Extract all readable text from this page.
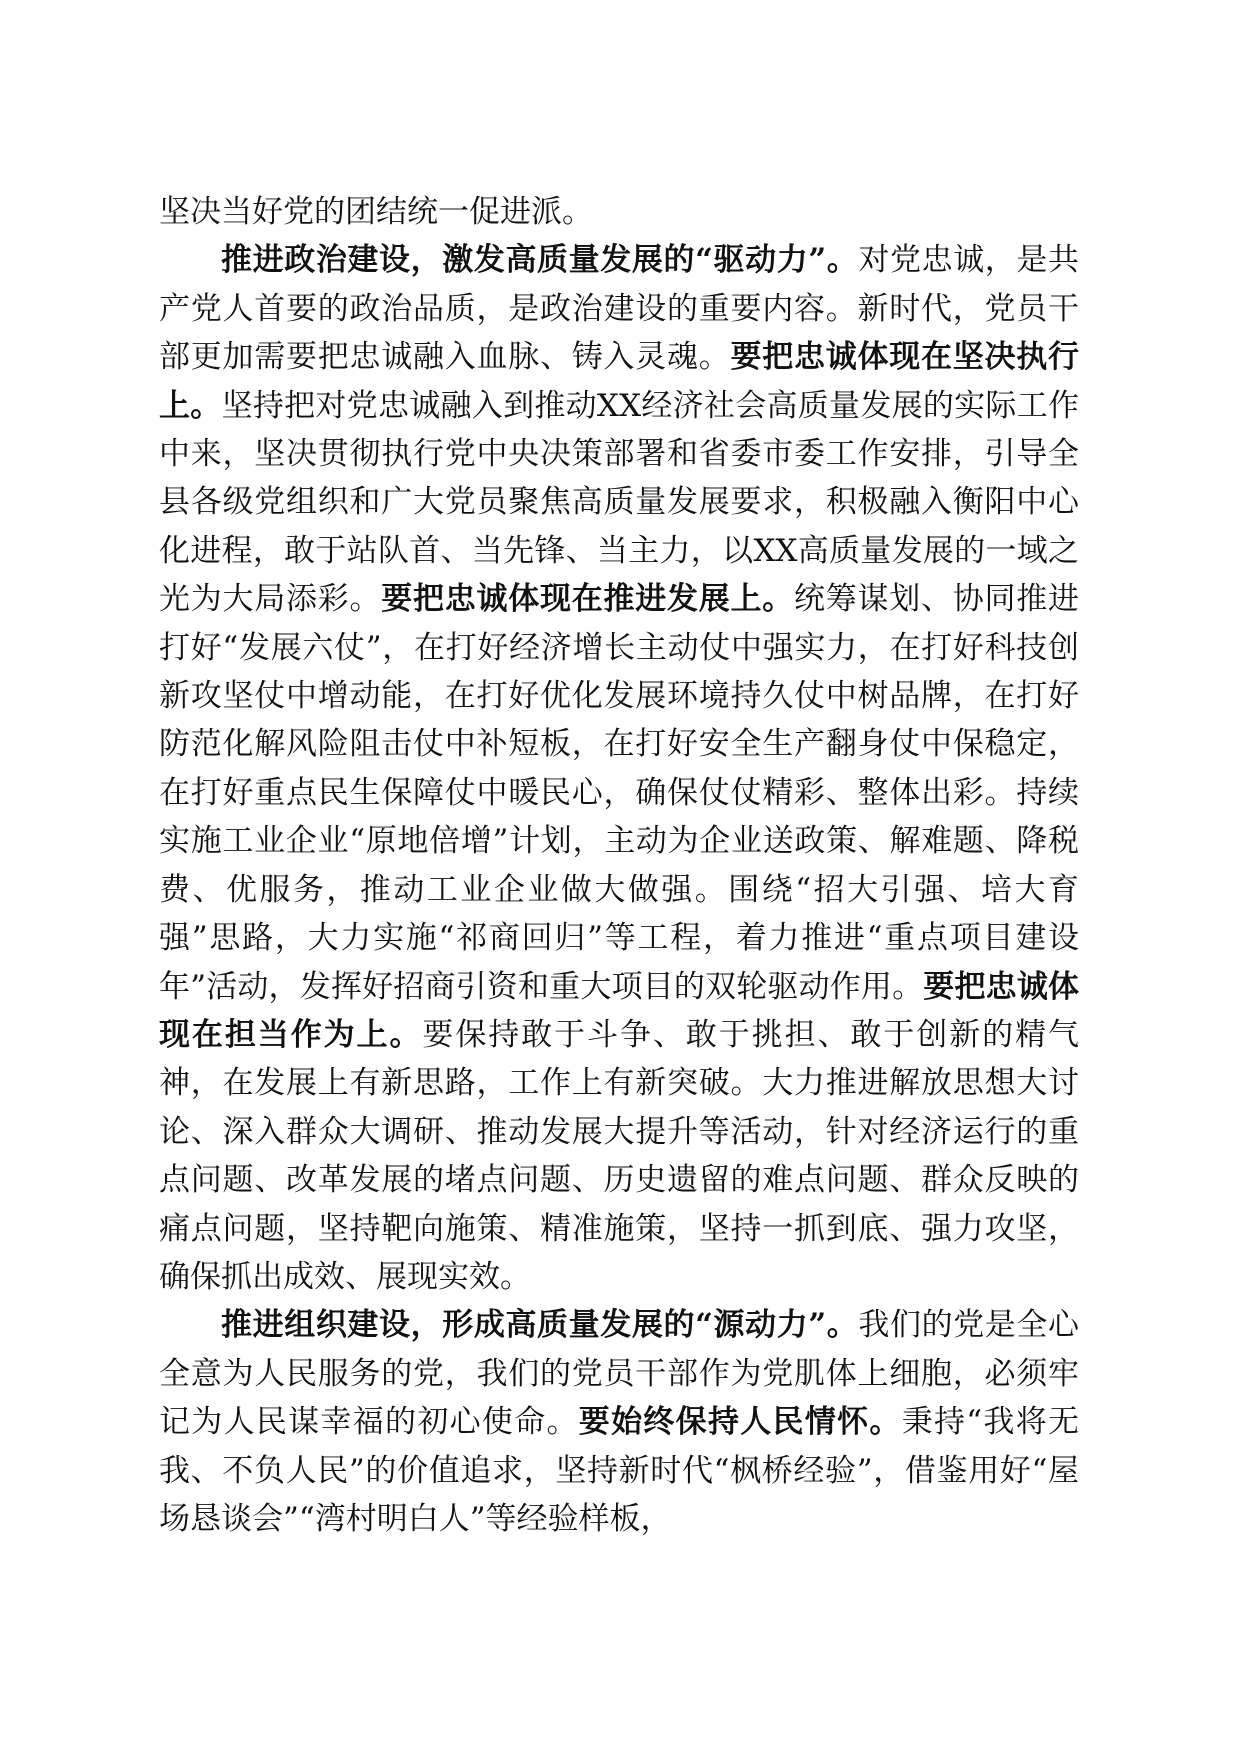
坚决当好党的团结统一促进派。

推进政治建设，激发高质量发展的“驱动力”。对党忠诚，是共产党人首要的政治品质，是政治建设的重要内容。新时代，党员干部更加需要把忠诚融入血脉、铸入灵魂。要把忠诚体现在坚决执行上。坚持把对党忠诚融入到推动XX经济社会高质量发展的实际工作中来，坚决贯彻执行党中央决策部署和省委市委工作安排，引导全县各级党组织和广大党员聚焦高质量发展要求，积极融入衡阳中心化进程，敢于站队首、当先锋、当主力，以XX高质量发展的一域之光为大局添彩。要把忠诚体现在推进发展上。统筹谋划、协同推进打好“发展六仗”，在打好经济增长主动仗中强实力，在打好科技创新攻坚仗中增动能，在打好优化发展环境持久仗中树品牌，在打好防范化解风险阻击仗中补短板，在打好安全生产翻身仗中保稳定，在打好重点民生保障仗中暖民心，确保仗仗精彩、整体出彩。持续实施工业企业“原地倍增”计划，主动为企业送政策、解难题、降税费、优服务，推动工业企业做大做强。围绕“招大引强、培大育强”思路，大力实施“祁商回归”等工程，着力推进“重点项目建设年”活动，发挥好招商引资和重大项目的双轮驱动作用。要把忠诚体现在担当作为上。要保持敢于斗争、敢于挑担、敢于创新的精气神，在发展上有新思路，工作上有新突破。大力推进解放思想大讨论、深入群众大调研、推动发展大提升等活动，针对经济运行的重点问题、改革发展的堵点问题、历史遗留的难点问题、群众反映的痛点问题，坚持靶向施策、精准施策，坚持一抓到底、强力攻坚，确保抓出成效、展现实效。

推进组织建设，形成高质量发展的“源动力”。我们的党是全心全意为人民服务的党，我们的党员干部作为党肌体上细胞，必须牢记为人民谋幸福的初心使命。要始终保持人民情怀。秉持“我将无我、不负人民”的价值追求，坚持新时代“枫桥经验”，借鉴用好“屋场恳谈会”“湾村明白人”等经验样板，
